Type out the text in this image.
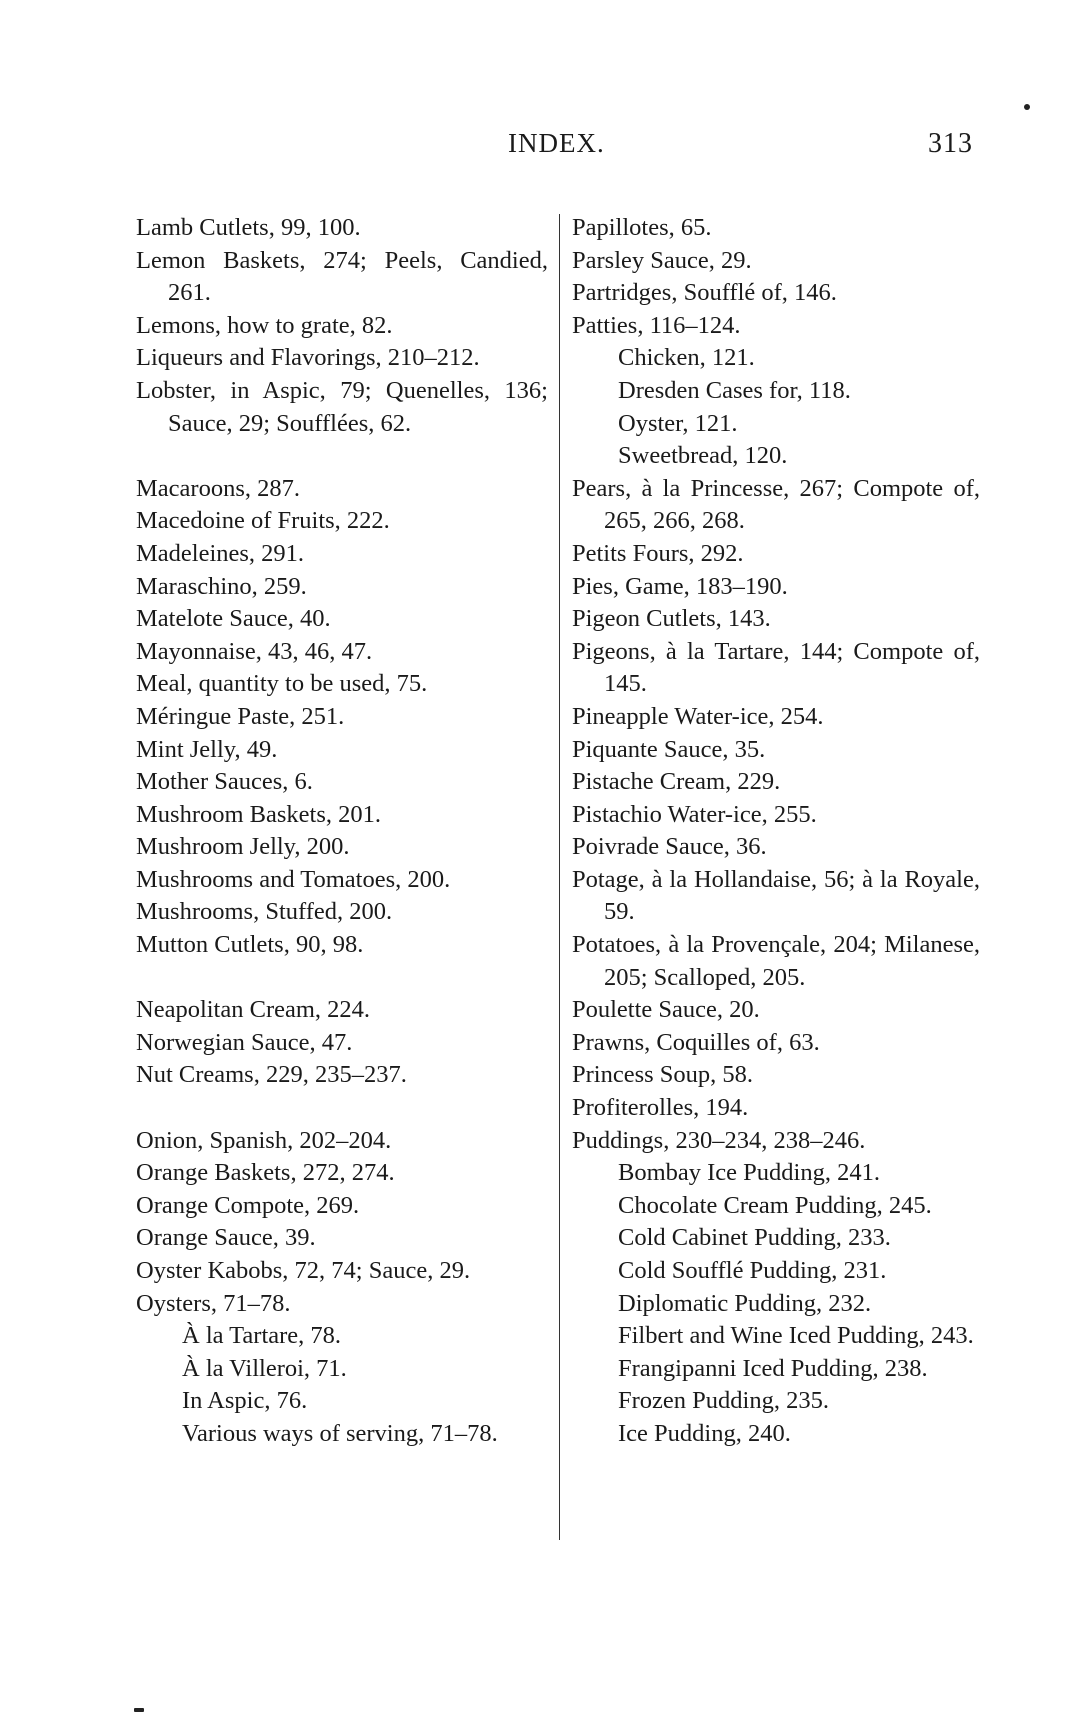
INDEX.	313

Lamb Cutlets, 99, 100.

Lemon Baskets, 274; Peels, Candied, 261.

Lemons, how to grate, 82.

Liqueurs and Flavorings, 210–212.

Lobster, in Aspic, 79; Quenelles, 136; Sauce, 29; Soufflées, 62.

Macaroons, 287.

Macedoine of Fruits, 222.

Madeleines, 291.

Maraschino, 259.

Matelote Sauce, 40.

Mayonnaise, 43, 46, 47.

Meal, quantity to be used, 75.

Méringue Paste, 251.

Mint Jelly, 49.

Mother Sauces, 6.

Mushroom Baskets, 201.

Mushroom Jelly, 200.

Mushrooms and Tomatoes, 200.

Mushrooms, Stuffed, 200.

Mutton Cutlets, 90, 98.

Neapolitan Cream, 224.

Norwegian Sauce, 47.

Nut Creams, 229, 235–237.

Onion, Spanish, 202–204.

Orange Baskets, 272, 274.

Orange Compote, 269.

Orange Sauce, 39.

Oyster Kabobs, 72, 74; Sauce, 29.

Oysters, 71–78.

À la Tartare, 78.

À la Villeroi, 71.

In Aspic, 76.

Various ways of serving, 71–78.

Papillotes, 65.

Parsley Sauce, 29.

Partridges, Soufflé of, 146.

Patties, 116–124.

Chicken, 121.

Dresden Cases for, 118.

Oyster, 121.

Sweetbread, 120.

Pears, à la Princesse, 267; Compote of, 265, 266, 268.

Petits Fours, 292.

Pies, Game, 183–190.

Pigeon Cutlets, 143.

Pigeons, à la Tartare, 144; Compote of, 145.

Pineapple Water-ice, 254.

Piquante Sauce, 35.

Pistache Cream, 229.

Pistachio Water-ice, 255.

Poivrade Sauce, 36.

Potage, à la Hollandaise, 56; à la Royale, 59.

Potatoes, à la Provençale, 204; Milanese, 205; Scalloped, 205.

Poulette Sauce, 20.

Prawns, Coquilles of, 63.

Princess Soup, 58.

Profiterolles, 194.

Puddings, 230–234, 238–246.

Bombay Ice Pudding, 241.

Chocolate Cream Pudding, 245.

Cold Cabinet Pudding, 233.

Cold Soufflé Pudding, 231.

Diplomatic Pudding, 232.

Filbert and Wine Iced Pudding, 243.

Frangipanni Iced Pudding, 238.

Frozen Pudding, 235.

Ice Pudding, 240.
